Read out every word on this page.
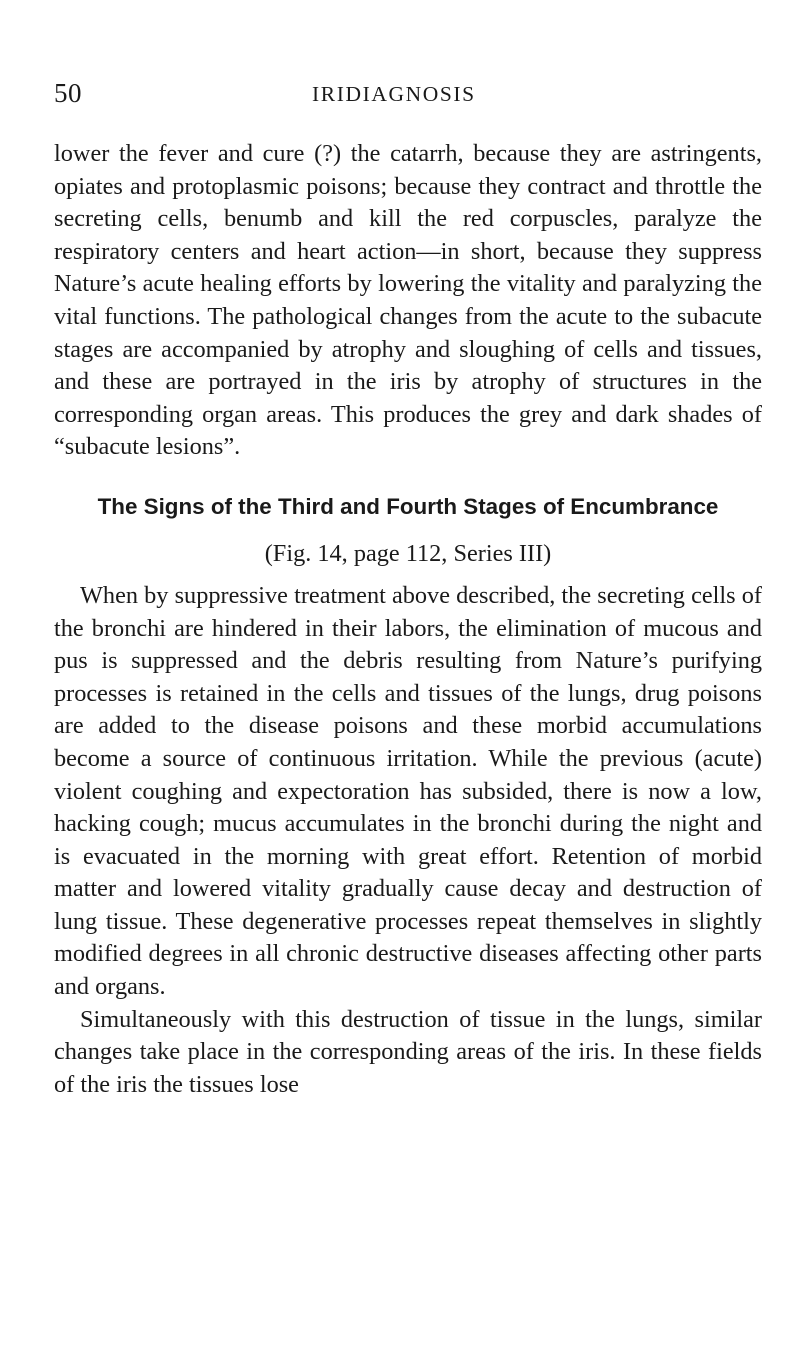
50	IRIDIAGNOSIS

lower the fever and cure (?) the catarrh, because they are astringents, opiates and protoplasmic poisons; because they contract and throttle the secreting cells, benumb and kill the red corpuscles, paralyze the respiratory centers and heart action—in short, because they suppress Nature’s acute healing efforts by lowering the vitality and paralyzing the vital functions. The pathological changes from the acute to the subacute stages are accompanied by atrophy and sloughing of cells and tissues, and these are portrayed in the iris by atrophy of structures in the corresponding organ areas. This produces the grey and dark shades of “subacute lesions”.

The Signs of the Third and Fourth Stages of Encumbrance

(Fig. 14, page 112, Series III)

When by suppressive treatment above described, the secreting cells of the bronchi are hindered in their labors, the elimination of mucous and pus is suppressed and the debris resulting from Nature’s purifying processes is retained in the cells and tissues of the lungs, drug poisons are added to the disease poisons and these morbid accumulations become a source of continuous irritation. While the previous (acute) violent coughing and expectoration has subsided, there is now a low, hacking cough; mucus accumulates in the bronchi during the night and is evacuated in the morning with great effort. Retention of morbid matter and lowered vitality gradually cause decay and destruction of lung tissue. These degenerative processes repeat themselves in slightly modified degrees in all chronic destructive diseases affecting other parts and organs.

Simultaneously with this destruction of tissue in the lungs, similar changes take place in the corresponding areas of the iris. In these fields of the iris the tissues lose
